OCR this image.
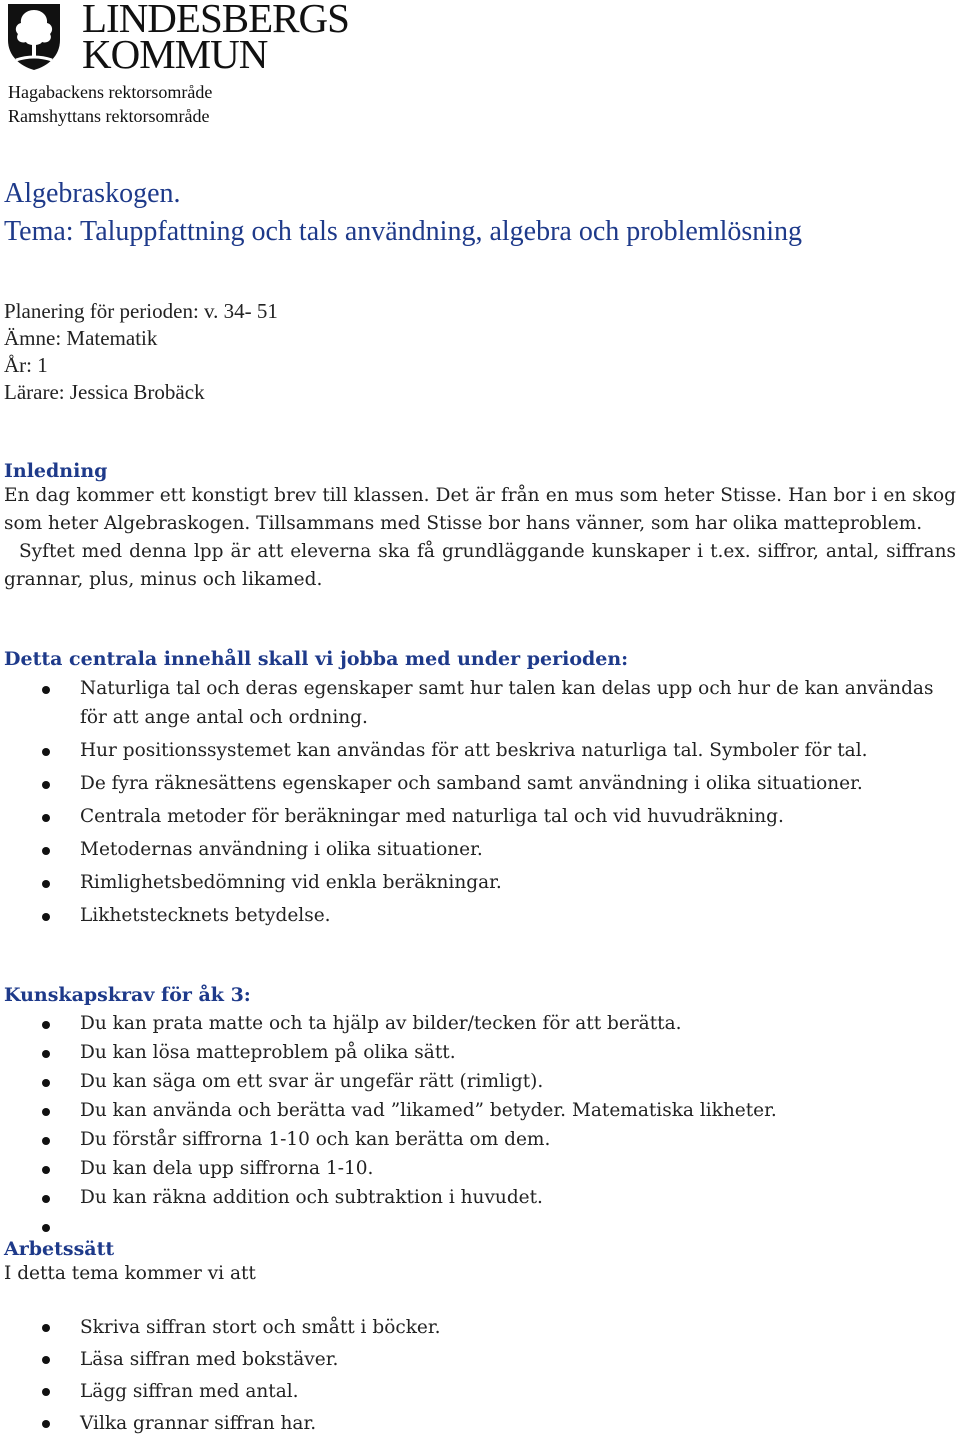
LINDESBERGS
KOMMUN
Hagabackens rektorsområde
Ramshyttans rektorsområde
Algebraskogen.
Tema: Taluppfattning och tals användning, algebra och problemlösning
Planering för perioden: v. 34- 51
Ämne: Matematik
År: 1
Lärare: Jessica Brobäck
Inledning
En dag kommer ett konstigt brev till klassen. Det är från en mus som heter Stisse. Han bor i en skog som heter Algebraskogen. Tillsammans med Stisse bor hans vänner, som har olika matteproblem.
Syftet med denna lpp är att eleverna ska få grundläggande kunskaper i t.ex. siffror, antal, siffrans grannar, plus, minus och likamed.
Detta centrala innehåll skall vi jobba med under perioden:
Naturliga tal och deras egenskaper samt hur talen kan delas upp och hur de kan användas för att ange antal och ordning.
Hur positionssystemet kan användas för att beskriva naturliga tal. Symboler för tal.
De fyra räknesättens egenskaper och samband samt användning i olika situationer.
Centrala metoder för beräkningar med naturliga tal och vid huvudräkning.
Metodernas användning i olika situationer.
Rimlighetsbedömning vid enkla beräkningar.
Likhetstecknets betydelse.
Kunskapskrav för åk 3:
Du kan prata matte och ta hjälp av bilder/tecken för att berätta.
Du kan lösa matteproblem på olika sätt.
Du kan säga om ett svar är ungefär rätt (rimligt).
Du kan använda och berätta vad ”likamed” betyder. Matematiska likheter.
Du förstår siffrorna 1-10 och kan berätta om dem.
Du kan dela upp siffrorna 1-10.
Du kan räkna addition och subtraktion i huvudet.
Arbetssätt
I detta tema kommer vi att
Skriva siffran stort och smått i böcker.
Läsa siffran med bokstäver.
Lägg siffran med antal.
Vilka grannar siffran har.
